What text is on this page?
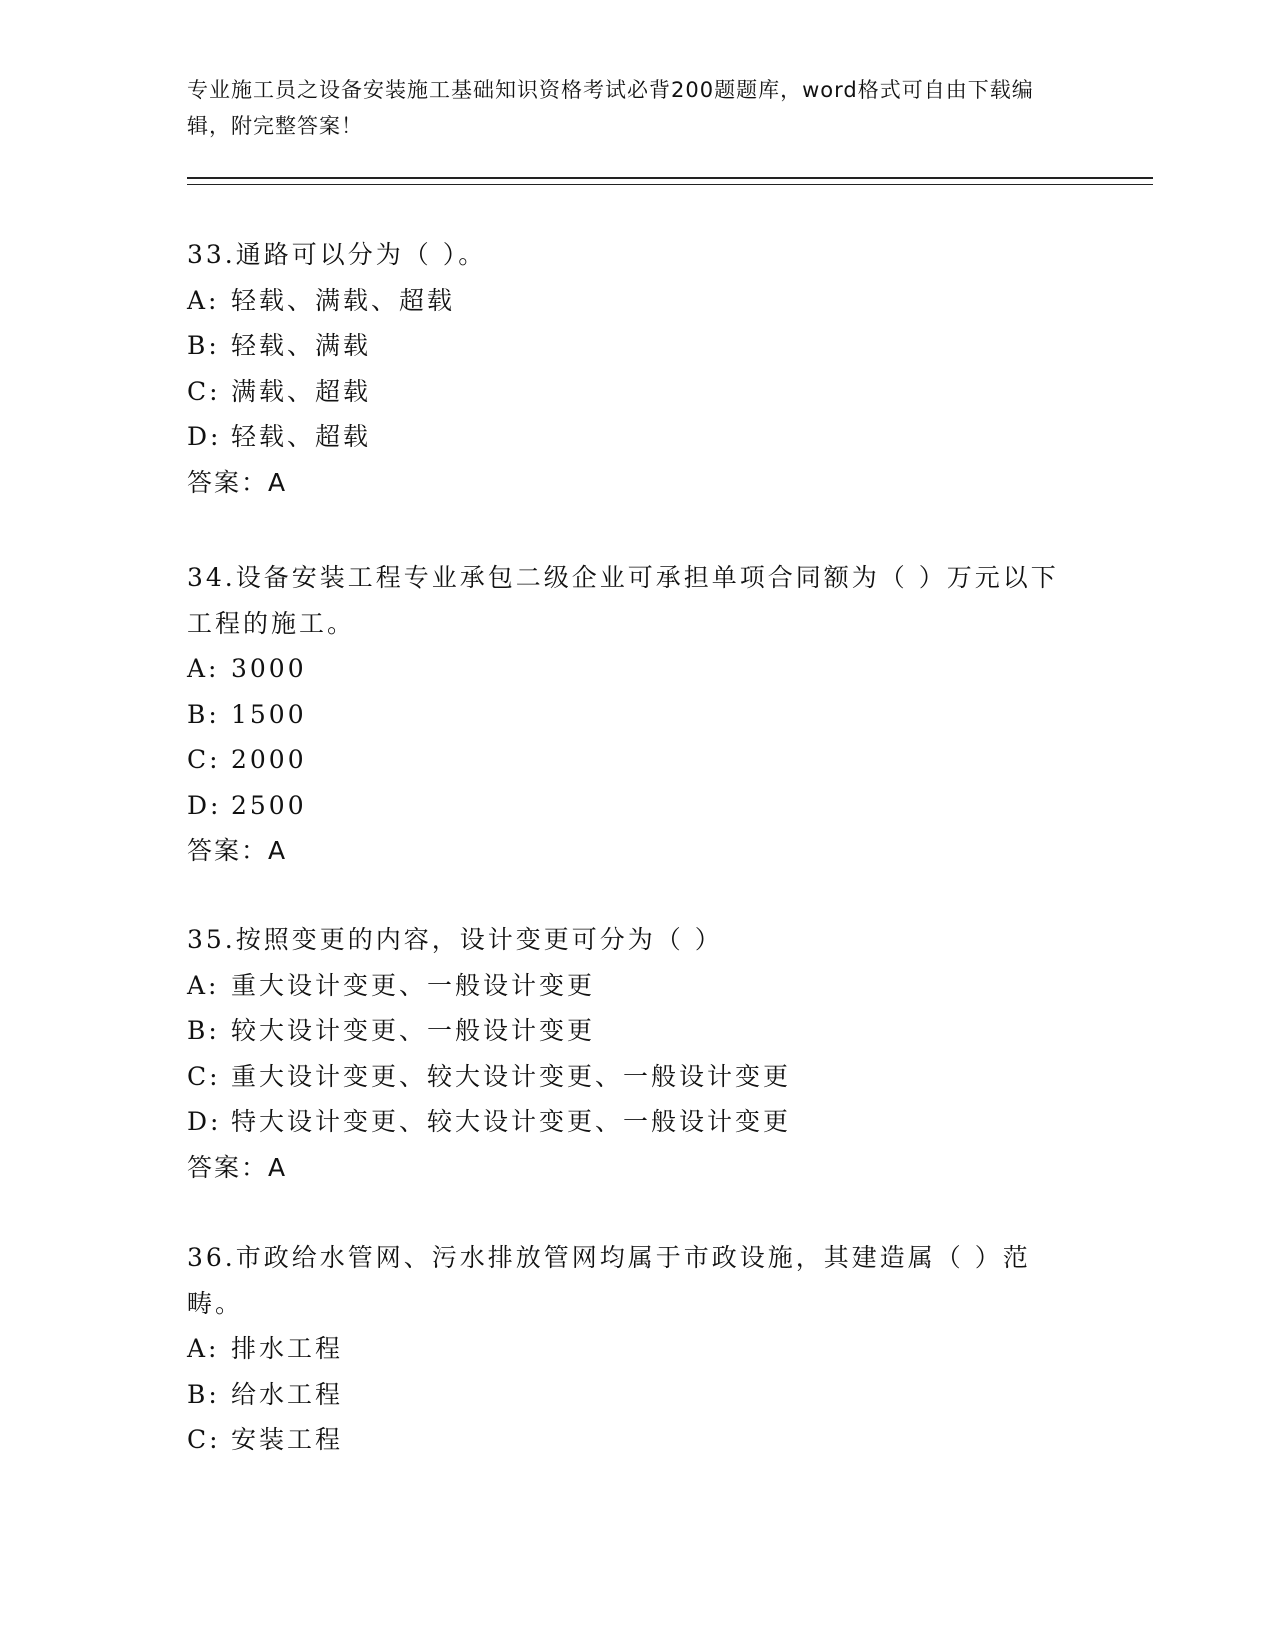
专业施工员之设备安装施工基础知识资格考试必背200题题库，word格式可自由下载编辑，附完整答案！

33.通路可以分为（ ）。

A: 轻载、满载、超载

B: 轻载、满载

C: 满载、超载

D: 轻载、超载

答案：A

34.设备安装工程专业承包二级企业可承担单项合同额为（ ）万元以下工程的施工。

A: 3000

B: 1500

C: 2000

D: 2500

答案：A

35.按照变更的内容，设计变更可分为（ ）

A: 重大设计变更、一般设计变更

B: 较大设计变更、一般设计变更

C: 重大设计变更、较大设计变更、一般设计变更

D: 特大设计变更、较大设计变更、一般设计变更

答案：A

36.市政给水管网、污水排放管网均属于市政设施，其建造属（ ）范畴。

A: 排水工程

B: 给水工程

C: 安装工程
